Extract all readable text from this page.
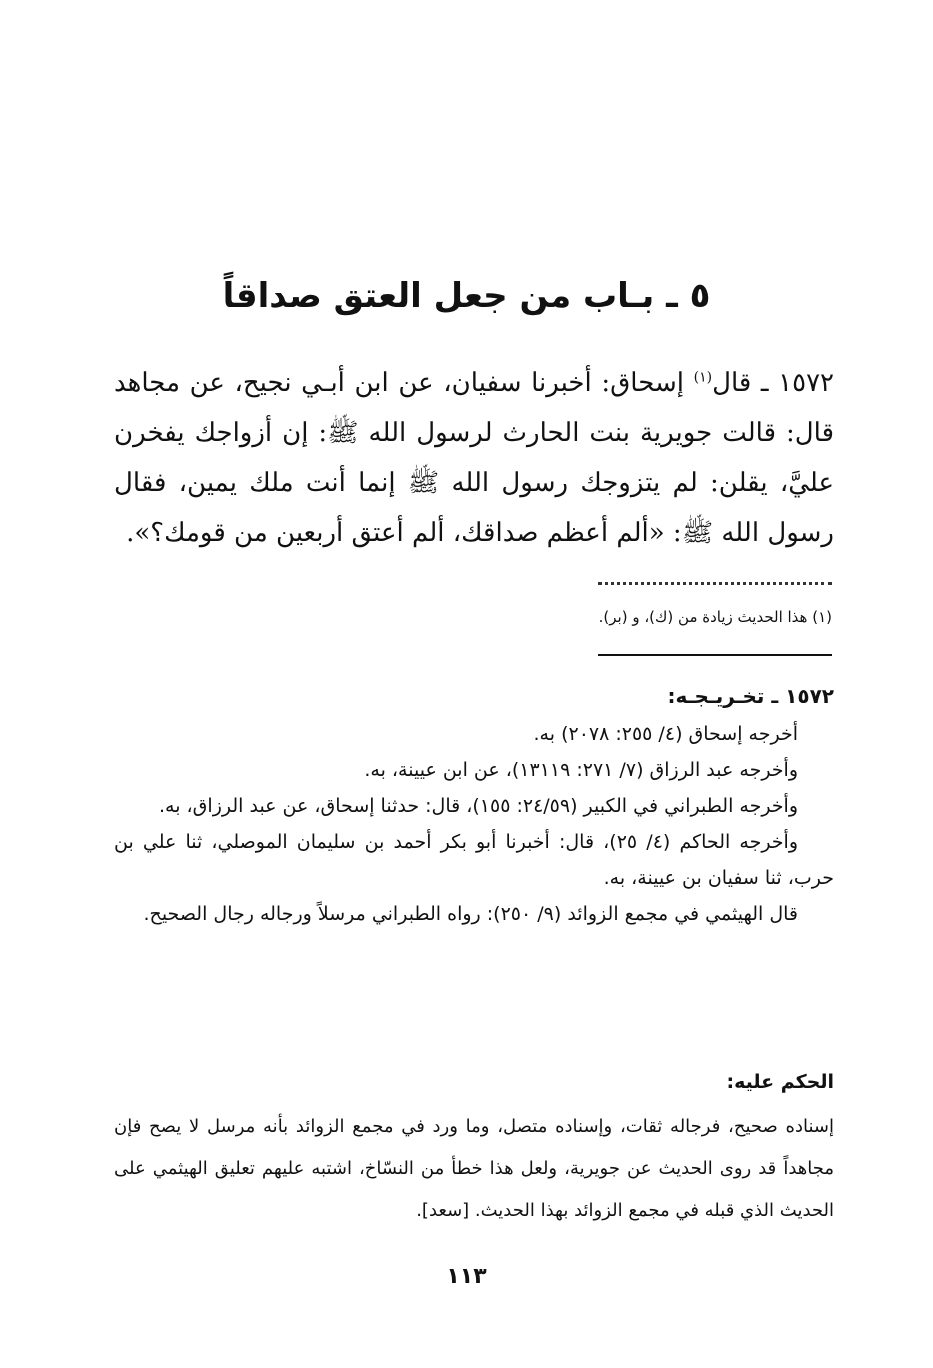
٥ ـ بـاب من جعل العتق صداقاً

١٥٧٢ ـ قال$^{(١)}$ إسحاق: أخبرنا سفيان، عن ابن أبـي نجيح، عن مجاهد قال: قالت جويرية بنت الحارث لرسول الله ﷺ: إن أزواجك يفخرن عليَّ، يقلن: لم يتزوجك رسول الله ﷺ إنما أنت ملك يمين، فقال رسول الله ﷺ: «ألم أعظم صداقك، ألم أعتق أربعين من قومك؟».

(١) هذا الحديث زيادة من (ك)، و (بر).

١٥٧٢ ـ تخـريـجـه:

أخرجه إسحاق (٤/ ٢٥٥: ٢٠٧٨) به.

وأخرجه عبد الرزاق (٧/ ٢٧١: ١٣١١٩)، عن ابن عيينة، به.

وأخرجه الطبراني في الكبير (٢٤/٥٩: ١٥٥)، قال: حدثنا إسحاق، عن عبد الرزاق، به.

وأخرجه الحاكم (٤/ ٢٥)، قال: أخبرنا أبو بكر أحمد بن سليمان الموصلي، ثنا علي بن حرب، ثنا سفيان بن عيينة، به.

قال الهيثمي في مجمع الزوائد (٩/ ٢٥٠): رواه الطبراني مرسلاً ورجاله رجال الصحيح.

الحكم عليه:

إسناده صحيح، فرجاله ثقات، وإسناده متصل، وما ورد في مجمع الزوائد بأنه مرسل لا يصح فإن مجاهداً قد روى الحديث عن جويرية، ولعل هذا خطأ من النسّاخ، اشتبه عليهم تعليق الهيثمي على الحديث الذي قبله في مجمع الزوائد بهذا الحديث. [سعد].

١١٣
